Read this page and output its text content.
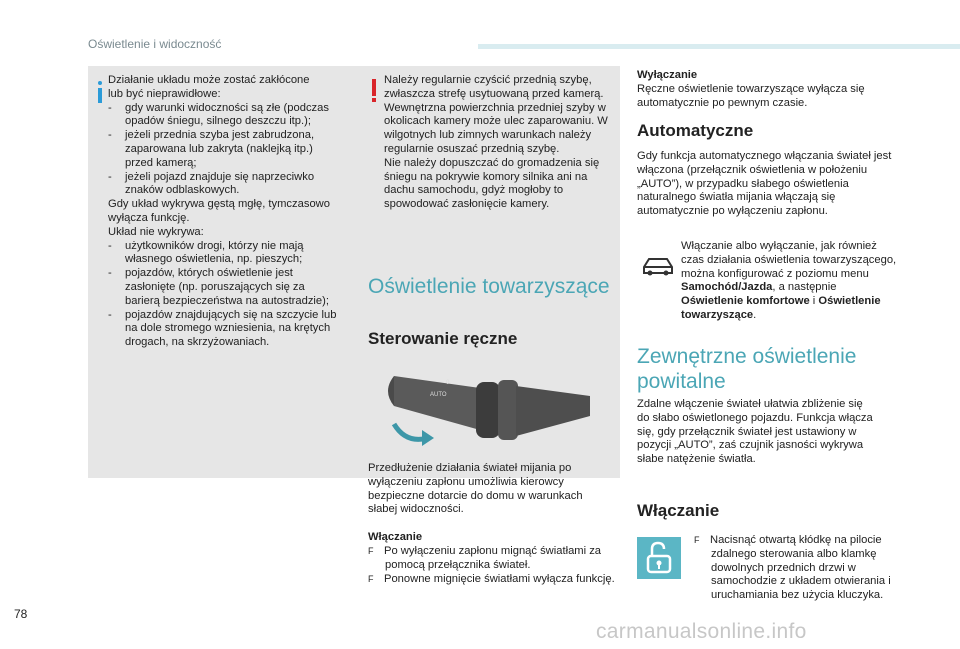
Oświetlenie i widoczność
Działanie układu może zostać zakłócone
lub być nieprawidłowe:
- gdy warunki widoczności są złe (podczas opadów śniegu, silnego deszczu itp.);
- jeżeli przednia szyba jest zabrudzona, zaparowana lub zakryta (naklejką itp.) przed kamerą;
- jeżeli pojazd znajduje się naprzeciwko znaków odblaskowych.
Gdy układ wykrywa gęstą mgłę, tymczasowo wyłącza funkcję.
Układ nie wykrywa:
- użytkowników drogi, którzy nie mają własnego oświetlenia, np. pieszych;
- pojazdów, których oświetlenie jest zasłonięte (np. poruszających się za barierą bezpieczeństwa na autostradzie);
- pojazdów znajdujących się na szczycie lub na dole stromego wzniesienia, na krętych drogach, na skrzyżowaniach.
Należy regularnie czyścić przednią szybę, zwłaszcza strefę usytuowaną przed kamerą.
Wewnętrzna powierzchnia przedniej szyby w okolicach kamery może ulec zaparowaniu. W wilgotnych lub zimnych warunkach należy regularnie osuszać przednią szybę.
Nie należy dopuszczać do gromadzenia się śniegu na pokrywie komory silnika ani na dachu samochodu, gdyż mogłoby to spowodować zasłonięcie kamery.
Oświetlenie towarzyszące
Sterowanie ręczne
AUTO
0
Przedłużenie działania świateł mijania po wyłączeniu zapłonu umożliwia kierowcy bezpieczne dotarcie do domu w warunkach słabej widoczności.
Włączanie
F Po wyłączeniu zapłonu mignąć światłami za pomocą przełącznika świateł.
F Ponowne mignięcie światłami wyłącza funkcję.
Wyłączanie
Ręczne oświetlenie towarzyszące wyłącza się automatycznie po pewnym czasie.
Automatyczne
Gdy funkcja automatycznego włączania świateł jest włączona (przełącznik oświetlenia w położeniu „AUTO”), w przypadku słabego oświetlenia naturalnego światła mijania włączają się automatycznie po wyłączeniu zapłonu.
Włączanie albo wyłączanie, jak również czas działania oświetlenia towarzyszącego, można konfigurować z poziomu menu Samochód/Jazda, a następnie Oświetlenie komfortowe i Oświetlenie towarzyszące.
Zewnętrzne oświetlenie
powitalne
Zdalne włączenie świateł ułatwia zbliżenie się do słabo oświetlonego pojazdu. Funkcja włącza się, gdy przełącznik świateł jest ustawiony w pozycji „AUTO”, zaś czujnik jasności wykrywa słabe natężenie światła.
Włączanie
F Nacisnąć otwartą kłódkę na pilocie zdalnego sterowania albo klamkę dowolnych przednich drzwi w samochodzie z układem otwierania i uruchamiania bez użycia kluczyka.
78
carmanualsonline.info
